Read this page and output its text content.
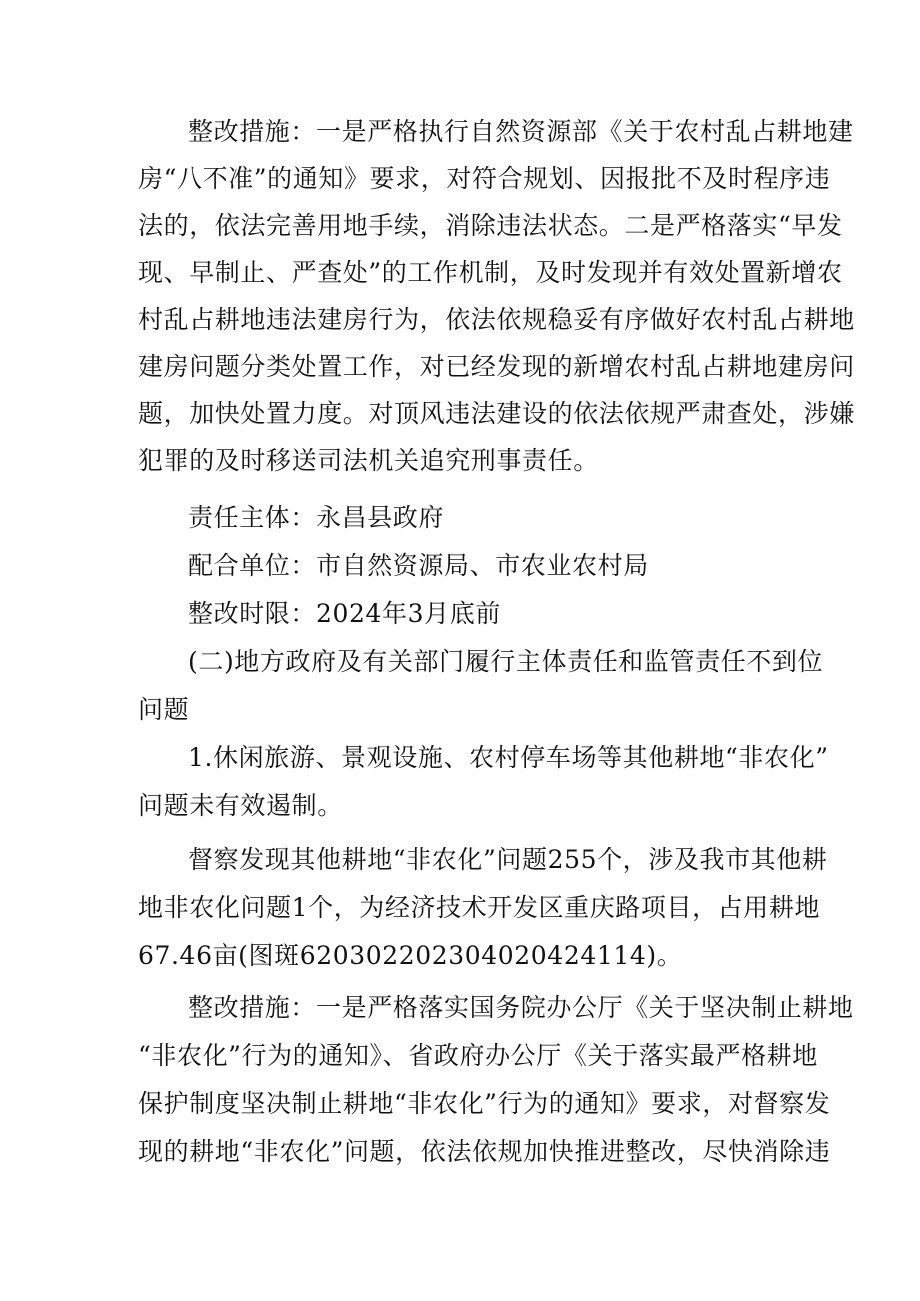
整改措施：一是严格执行自然资源部《关于农村乱占耕地建
房“八不准”的通知》要求，对符合规划、因报批不及时程序违
法的，依法完善用地手续，消除违法状态。二是严格落实“早发
现、早制止、严查处”的工作机制，及时发现并有效处置新增农
村乱占耕地违法建房行为，依法依规稳妥有序做好农村乱占耕地
建房问题分类处置工作，对已经发现的新增农村乱占耕地建房问
题，加快处置力度。对顶风违法建设的依法依规严肃查处，涉嫌
犯罪的及时移送司法机关追究刑事责任。
责任主体：永昌县政府
配合单位：市自然资源局、市农业农村局
整改时限：2024年3月底前
(二)地方政府及有关部门履行主体责任和监管责任不到位
问题
1.休闲旅游、景观设施、农村停车场等其他耕地“非农化”
问题未有效遏制。
督察发现其他耕地“非农化”问题255个，涉及我市其他耕
地非农化问题1个，为经济技术开发区重庆路项目，占用耕地
67.46亩(图斑620302202304020424114)。
整改措施：一是严格落实国务院办公厅《关于坚决制止耕地
“非农化”行为的通知》、省政府办公厅《关于落实最严格耕地
保护制度坚决制止耕地“非农化”行为的通知》要求，对督察发
现的耕地“非农化”问题，依法依规加快推进整改，尽快消除违
